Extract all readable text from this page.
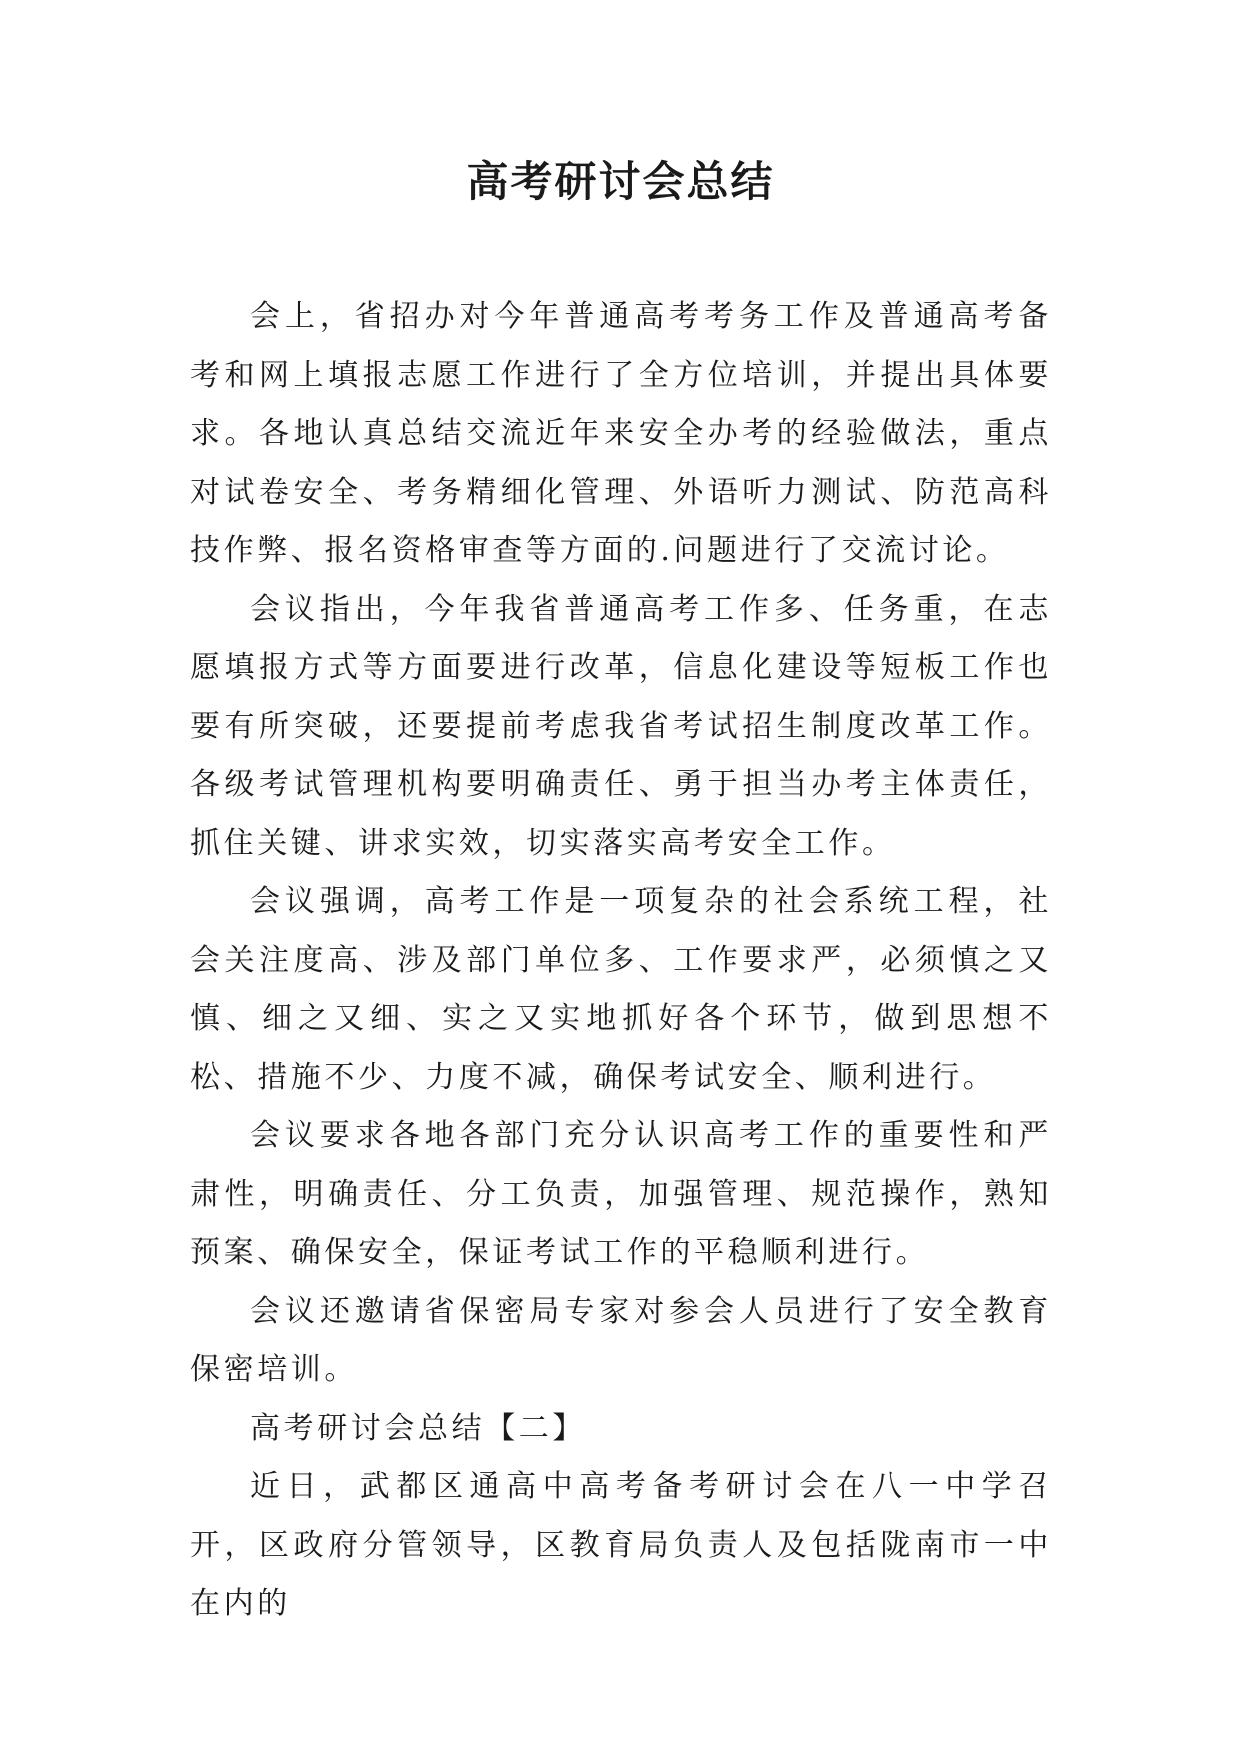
高考研讨会总结

会上，省招办对今年普通高考考务工作及普通高考备考和网上填报志愿工作进行了全方位培训，并提出具体要求。各地认真总结交流近年来安全办考的经验做法，重点对试卷安全、考务精细化管理、外语听力测试、防范高科技作弊、报名资格审查等方面的.问题进行了交流讨论。

会议指出，今年我省普通高考工作多、任务重，在志愿填报方式等方面要进行改革，信息化建设等短板工作也要有所突破，还要提前考虑我省考试招生制度改革工作。各级考试管理机构要明确责任、勇于担当办考主体责任，抓住关键、讲求实效，切实落实高考安全工作。

会议强调，高考工作是一项复杂的社会系统工程，社会关注度高、涉及部门单位多、工作要求严，必须慎之又慎、细之又细、实之又实地抓好各个环节，做到思想不松、措施不少、力度不减，确保考试安全、顺利进行。

会议要求各地各部门充分认识高考工作的重要性和严肃性，明确责任、分工负责，加强管理、规范操作，熟知预案、确保安全，保证考试工作的平稳顺利进行。

会议还邀请省保密局专家对参会人员进行了安全教育保密培训。

高考研讨会总结【二】

近日，武都区通高中高考备考研讨会在八一中学召开，区政府分管领导，区教育局负责人及包括陇南市一中在内的
